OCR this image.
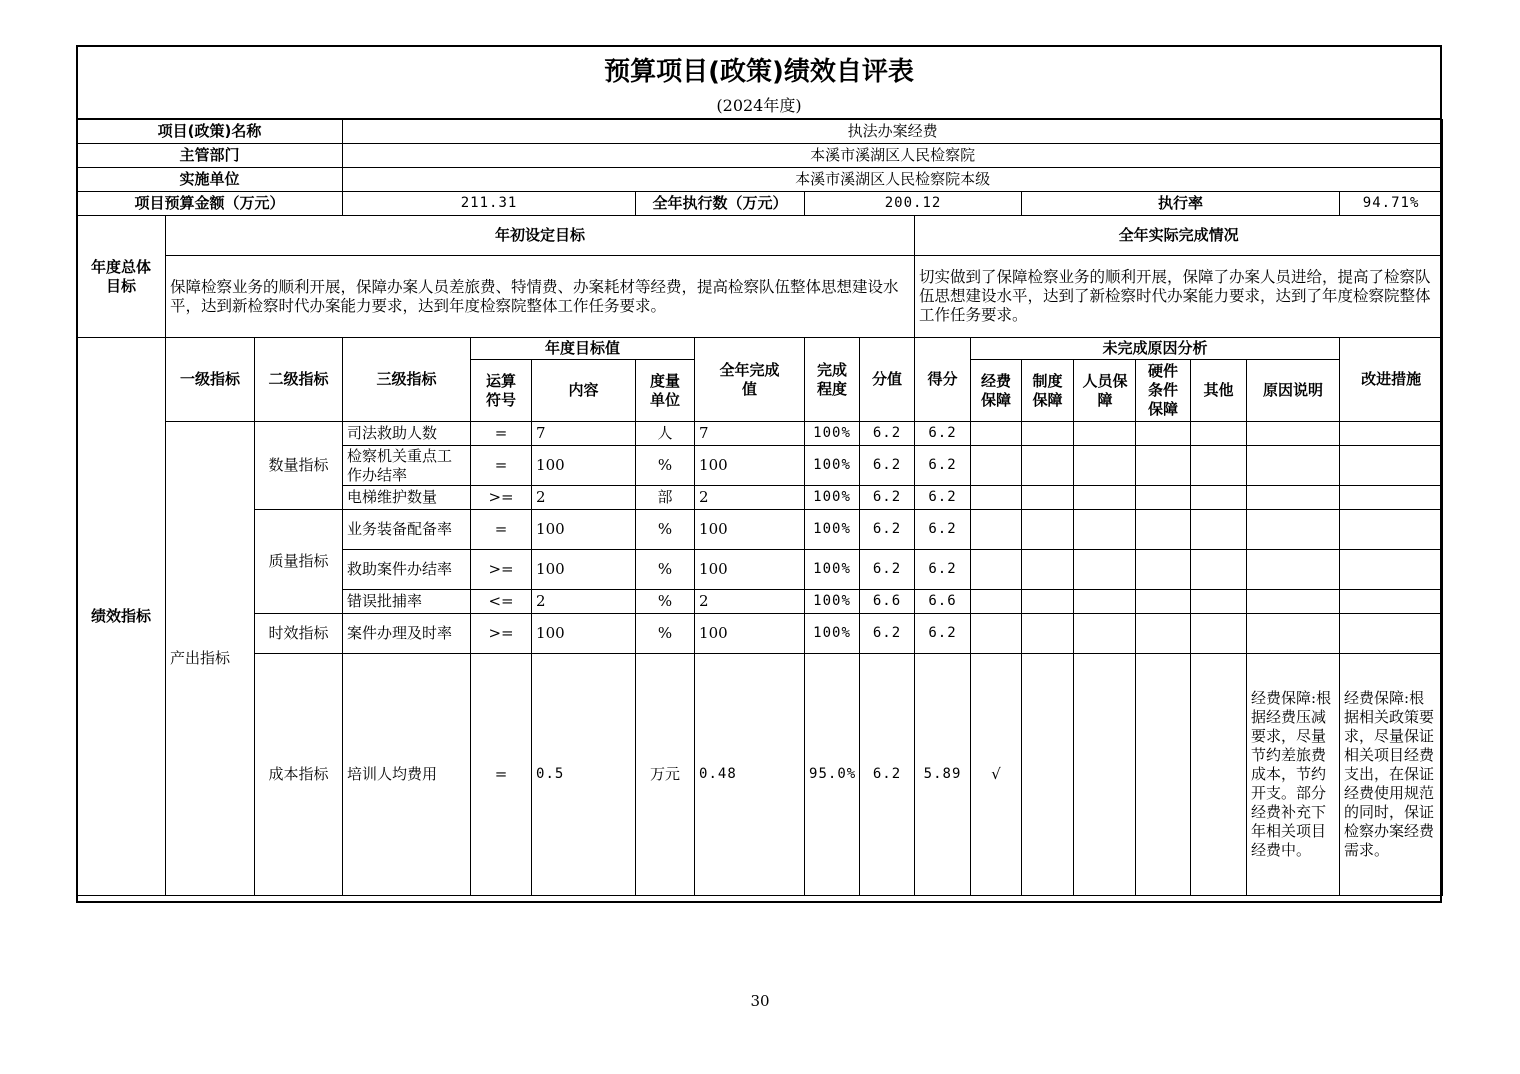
预算项目(政策)绩效自评表
(2024年度)
项目(政策)名称			执法办案经费														
主管部门			本溪市溪湖区人民检察院														
实施单位			本溪市溪湖区人民检察院本级														
项目预算金额（万元）			211.31			全年执行数（万元）		200.12				执行率					94.71%

年度总体目标	年初设定目标									全年实际完成情况							
	保障检察业务的顺利开展，保障办案人员差旅费、特情费、办案耗材等经费，提高检察队伍整体思想建设水平，达到新检察时代办案能力要求，达到年度检察院整体工作任务要求。									切实做到了保障检察业务的顺利开展，保障了办案人员进给，提高了检察队伍思想建设水平，达到了新检察时代办案能力要求，达到了年度检察院整体工作任务要求。							
绩效指标	一级指标	二级指标	三级指标	年度目标值			全年完成值	完成程度	分值	得分	未完成原因分析						改进措施

				运算符号	内容	度量单位					经费保障	制度保障	人员保障	硬件条件保障	其他	原因说明	
	产出指标	数量指标	司法救助人数	=	7	人	7	100%	6.2	6.2							
			检察机关重点工作办结率	=	100	%	100	100%	6.2	6.2							
			电梯维护数量	>=	2	部	2	100%	6.2	6.2							
		质量指标	业务装备配备率	=	100	%	100	100%	6.2	6.2							
			救助案件办结率	>=	100	%	100	100%	6.2	6.2							
			错误批捕率	<=	2	%	2	100%	6.6	6.6							
		时效指标	案件办理及时率	>=	100	%	100	100%	6.2	6.2							
		成本指标	培训人均费用	=	0.5	万元	0.48	95.0%	6.2	5.89	√					经费保障:根据经费压减要求，尽量节约差旅费成本，节约开支。部分经费补充下年相关项目经费中。	经费保障:根据相关政策要求，尽量保证相关项目经费支出，在保证经费使用规范的同时，保证检察办案经费需求。
30
